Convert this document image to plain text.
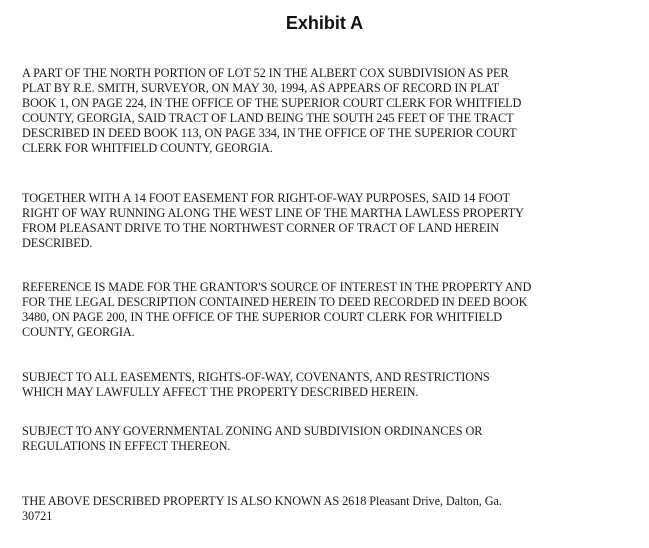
Exhibit A
A PART OF THE NORTH PORTION OF LOT 52 IN THE ALBERT COX SUBDIVISION AS PER
PLAT BY R.E. SMITH, SURVEYOR, ON MAY 30, 1994, AS APPEARS OF RECORD IN PLAT
BOOK 1, ON PAGE 224, IN THE OFFICE OF THE SUPERIOR COURT CLERK FOR WHITFIELD
COUNTY, GEORGIA, SAID TRACT OF LAND BEING THE SOUTH 245 FEET OF THE TRACT
DESCRIBED IN DEED BOOK 113, ON PAGE 334, IN THE OFFICE OF THE SUPERIOR COURT
CLERK FOR WHITFIELD COUNTY, GEORGIA.
TOGETHER WITH A 14 FOOT EASEMENT FOR RIGHT-OF-WAY PURPOSES, SAID 14 FOOT
RIGHT OF WAY RUNNING ALONG THE WEST LINE OF THE MARTHA LAWLESS PROPERTY
FROM PLEASANT DRIVE TO THE NORTHWEST CORNER OF TRACT OF LAND HEREIN
DESCRIBED.
REFERENCE IS MADE FOR THE GRANTOR'S SOURCE OF INTEREST IN THE PROPERTY AND
FOR THE LEGAL DESCRIPTION CONTAINED HEREIN TO DEED RECORDED IN DEED BOOK
3480, ON PAGE 200, IN THE OFFICE OF THE SUPERIOR COURT CLERK FOR WHITFIELD
COUNTY, GEORGIA.
SUBJECT TO ALL EASEMENTS, RIGHTS-OF-WAY, COVENANTS, AND RESTRICTIONS
WHICH MAY LAWFULLY AFFECT THE PROPERTY DESCRIBED HEREIN.
SUBJECT TO ANY GOVERNMENTAL ZONING AND SUBDIVISION ORDINANCES OR
REGULATIONS IN EFFECT THEREON.
THE ABOVE DESCRIBED PROPERTY IS ALSO KNOWN AS 2618 Pleasant Drive, Dalton, Ga.
30721
